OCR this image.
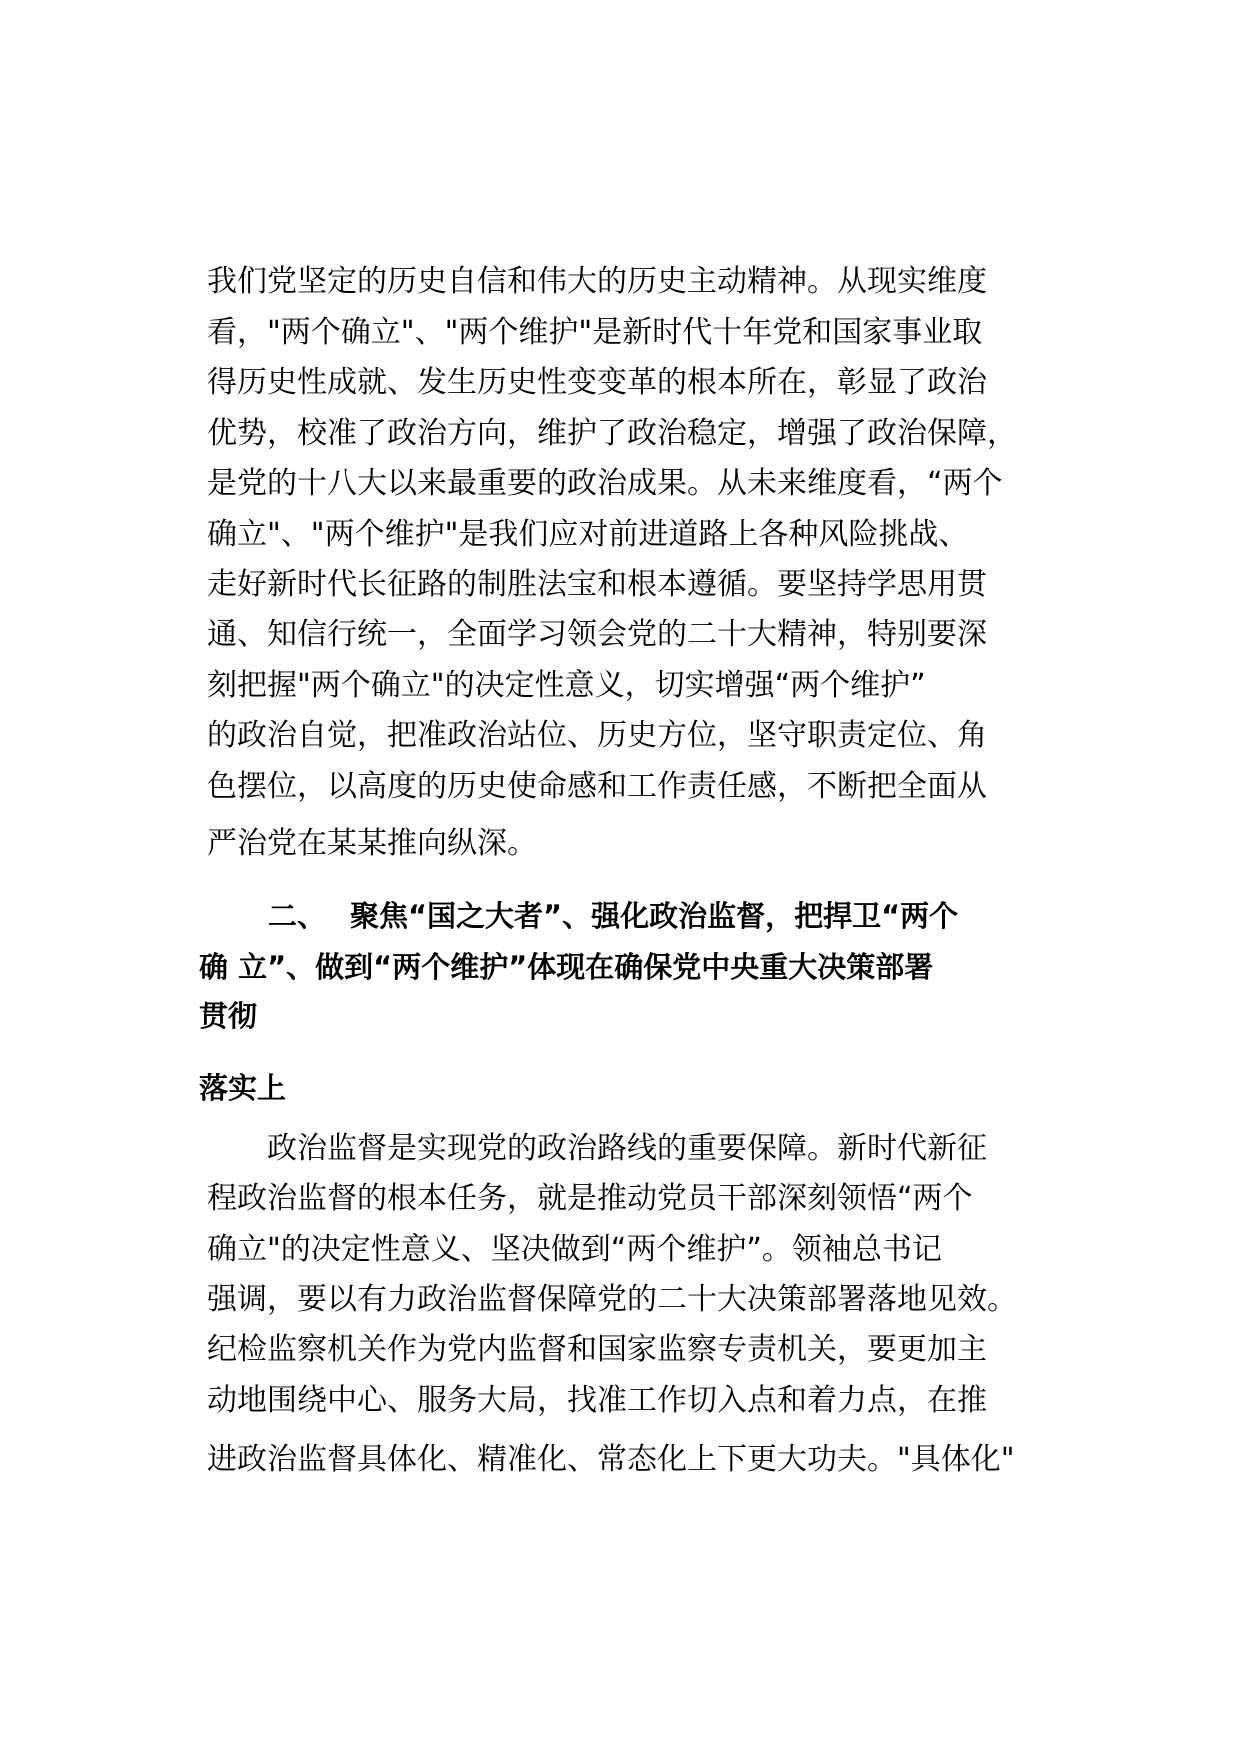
我们党坚定的历史自信和伟大的历史主动精神。从现实维度
看，"两个确立"、"两个维护"是新时代十年党和国家事业取
得历史性成就、发生历史性变变革的根本所在，彰显了政治
优势，校准了政治方向，维护了政治稳定，增强了政治保障，
是党的十八大以来最重要的政治成果。从未来维度看，“两个
确立"、"两个维护"是我们应对前进道路上各种风险挑战、
走好新时代长征路的制胜法宝和根本遵循。要坚持学思用贯
通、知信行统一，全面学习领会党的二十大精神，特别要深
刻把握"两个确立"的决定性意义，切实增强“两个维护”
的政治自觉，把准政治站位、历史方位，坚守职责定位、角
色摆位，以高度的历史使命感和工作责任感，不断把全面从
严治党在某某推向纵深。
二、 聚焦“国之大者”、强化政治监督，把捍卫“两个
确 立”、做到“两个维护”体现在确保党中央重大决策部署
贯彻
落实上
政治监督是实现党的政治路线的重要保障。新时代新征
程政治监督的根本任务，就是推动党员干部深刻领悟“两个
确立"的决定性意义、坚决做到“两个维护”。领袖总书记
强调，要以有力政治监督保障党的二十大决策部署落地见效。
纪检监察机关作为党内监督和国家监察专责机关，要更加主
动地围绕中心、服务大局，找准工作切入点和着力点，在推
进政治监督具体化、精准化、常态化上下更大功夫。"具体化"
